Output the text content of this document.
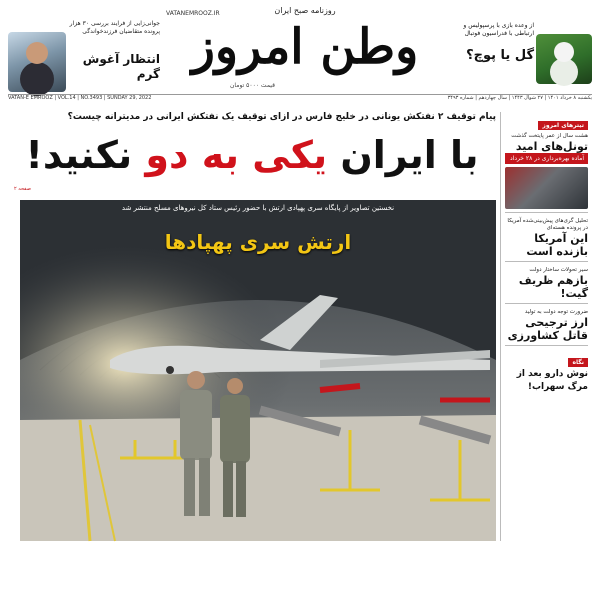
جوانی‌زایی از فرایند بررسی ۳۰ هزار پرونده متقاضیان فرزندخواندگی
انتظار آغوش گرم
روزنامه صبح ایران
VATANEMROOZ.IR
وطن امروز
قیمت ۵۰۰۰ تومان
از وعده بازی با پرسپولیس و ارتباطی با فدراسیون فوتبال
گل یا پوچ؟
VATAN-E EMROOZ | VOL.14 | NO.3493 | SUNDAY 29, 2022	یکشنبه ۸ خرداد ۱۴۰۱ | ۲۷ شوال ۱۴۴۳ | سال چهاردهم | شماره ۳۴۹۳
پیام توقیف ۲ نفتکش یونانی در خلیج فارس در ازای توقیف یک نفتکش ایرانی در مدیترانه چیست؟
با ایران یکی به دو نکنید!
صفحه ۲
نخستین تصاویر از پایگاه سری پهپادی ارتش با حضور رئیس ستاد کل نیروهای مسلح منتشر شد
ارتش سری پهپادها
YJC
صفحه ۳
تیترهای امروز
هشت سال از عمر پایتخت گذشت
تونل‌های امید
آماده بهره‌برداری در ۲۸ خرداد
تحلیل گری‌های پیش‌بینی‌شده آمریکا در پرونده هسته‌ای
این آمریکا بازنده است
سیر تحولات ساختار دولت
بازهم ظریف گیت!
ضرورت توجه دولت به تولید
ارز ترجیحی قاتل کشاورزی
نگاه
نوش دارو بعد از مرگ سهراب!
